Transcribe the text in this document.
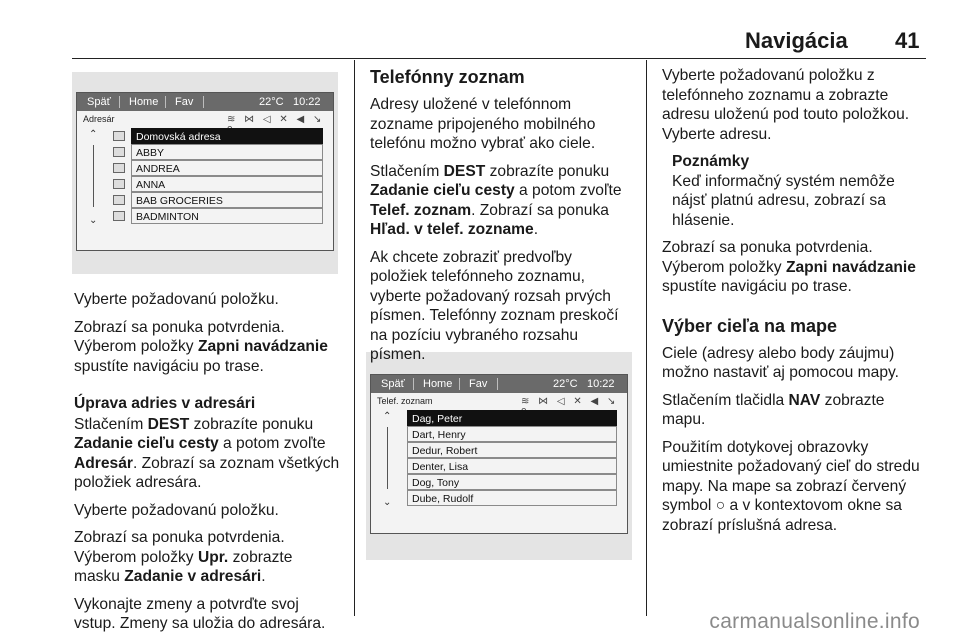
Navigácia 41
Späť Home Fav	22°C 10:22
Adresár	≋ ⋈ ◁ ✕ ◀ ↘
⌃
⌄
Domovská adresa
ABBY
ANDREA
ANNA
BAB GROCERIES
BADMINTON
Späť Home Fav	22°C 10:22
Telef. zoznam	≋ ⋈ ◁ ✕ ◀ ↘
⌃
⌄
Dag, Peter
Dart, Henry
Dedur, Robert
Denter, Lisa
Dog, Tony
Dube, Rudolf

Vyberte požadovanú položku.

Zobrazí sa ponuka potvrdenia.
Výberom položky Zapni navádzanie
spustíte navigáciu po trase.

Úprava adries v adresári

Stlačením DEST zobrazíte ponuku
Zadanie cieľu cesty a potom zvoľte
Adresár. Zobrazí sa zoznam všetkých
položiek adresára.

Vyberte požadovanú položku.

Zobrazí sa ponuka potvrdenia.
Výberom položky Upr. zobrazte
masku Zadanie v adresári.

Vykonajte zmeny a potvrďte svoj
vstup. Zmeny sa uložia do adresára.

Telefónny zoznam

Adresy uložené v telefónnom
zozname pripojeného mobilného
telefónu možno vybrať ako ciele.

Stlačením DEST zobrazíte ponuku
Zadanie cieľu cesty a potom zvoľte
Telef. zoznam. Zobrazí sa ponuka
Hľad. v telef. zozname.

Ak chcete zobraziť predvoľby
položiek telefónneho zoznamu,
vyberte požadovaný rozsah prvých
písmen. Telefónny zoznam preskočí
na pozíciu vybraného rozsahu
písmen.

Vyberte požadovanú položku z
telefónneho zoznamu a zobrazte
adresu uloženú pod touto položkou.
Vyberte adresu.

Poznámky
Keď informačný systém nemôže
nájsť platnú adresu, zobrazí sa
hlásenie.

Zobrazí sa ponuka potvrdenia.
Výberom položky Zapni navádzanie
spustíte navigáciu po trase.

Výber cieľa na mape

Ciele (adresy alebo body záujmu)
možno nastaviť aj pomocou mapy.

Stlačením tlačidla NAV zobrazte
mapu.

Použitím dotykovej obrazovky
umiestnite požadovaný cieľ do stredu
mapy. Na mape sa zobrazí červený
symbol ○ a v kontextovom okne sa
zobrazí príslušná adresa.

carmanualsonline.info
